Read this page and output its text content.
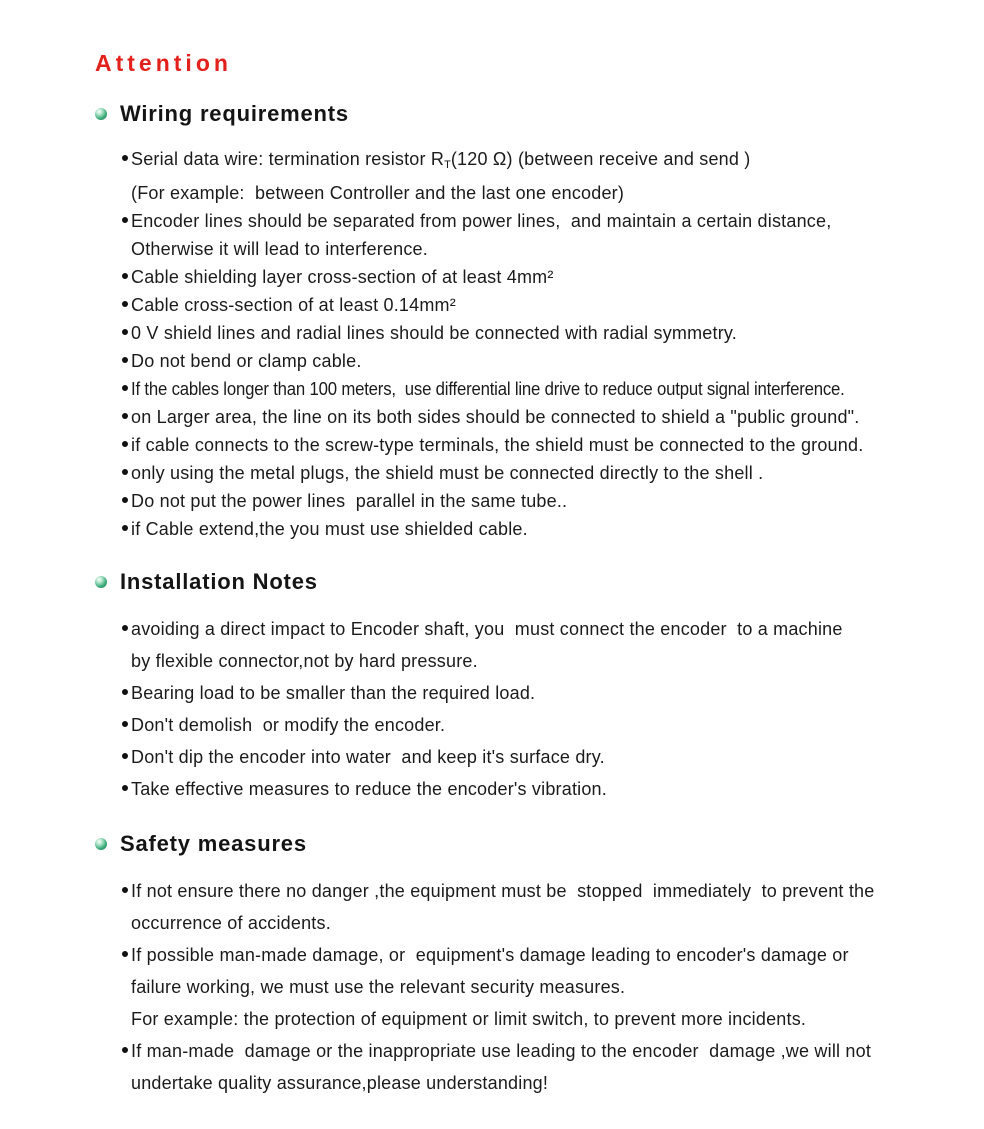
Attention
Wiring requirements
Serial data wire: termination resistor $R_T(120$ Ω) (between receive and send )
(For example:  between Controller and the last one encoder)
Encoder lines should be separated from power lines,  and maintain a certain distance,
Otherwise it will lead to interference.
Cable shielding layer cross-section of at least 4mm²
Cable cross-section of at least 0.14mm²
0 V shield lines and radial lines should be connected with radial symmetry.
Do not bend or clamp cable.
If the cables longer than 100 meters,  use differential line drive to reduce output signal interference.
on Larger area, the line on its both sides should be connected to shield a "public ground".
if cable connects to the screw-type terminals, the shield must be connected to the ground.
only using the metal plugs, the shield must be connected directly to the shell .
Do not put the power lines  parallel in the same tube..
if Cable extend,the you must use shielded cable.
Installation Notes
avoiding a direct impact to Encoder shaft, you  must connect the encoder  to a machine
by flexible connector,not by hard pressure.
Bearing load to be smaller than the required load.
Don't demolish  or modify the encoder.
Don't dip the encoder into water  and keep it's surface dry.
Take effective measures to reduce the encoder's vibration.
Safety measures
If not ensure there no danger ,the equipment must be  stopped  immediately  to prevent the
occurrence of accidents.
If possible man-made damage, or  equipment's damage leading to encoder's damage or
failure working, we must use the relevant security measures.
For example: the protection of equipment or limit switch, to prevent more incidents.
If man-made  damage or the inappropriate use leading to the encoder  damage ,we will not
undertake quality assurance,please understanding!
